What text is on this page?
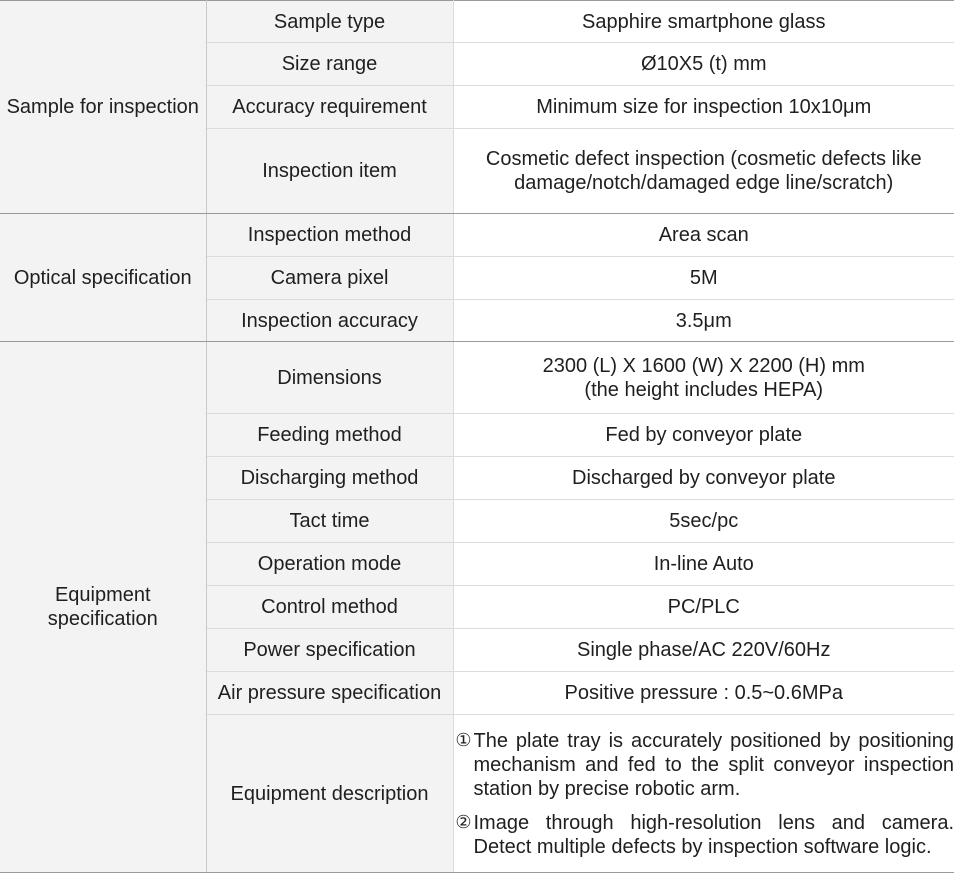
Sample for inspection	Sample type	Sapphire smartphone glass
	Size range	Ø10X5 (t) mm
	Accuracy requirement	Minimum size for inspection 10x10μm
	Inspection item	Cosmetic defect inspection (cosmetic defects like damage/notch/damaged edge line/scratch)
Optical specification	Inspection method	Area scan
	Camera pixel	5M
	Inspection accuracy	3.5μm
Equipment specification	Dimensions	2300 (L) X 1600 (W) X 2200 (H) mm (the height includes HEPA)
	Feeding method	Fed by conveyor plate
	Discharging method	Discharged by conveyor plate
	Tact time	5sec/pc
	Operation mode	In-line Auto
	Control method	PC/PLC
	Power specification	Single phase/AC 220V/60Hz
	Air pressure specification	Positive pressure : 0.5~0.6MPa
	Equipment description	① The plate tray is accurately positioned by positioning mechanism and fed to the split conveyor inspection station by precise robotic arm.
② Image through high-resolution lens and camera. Detect multiple defects by inspection software logic.
